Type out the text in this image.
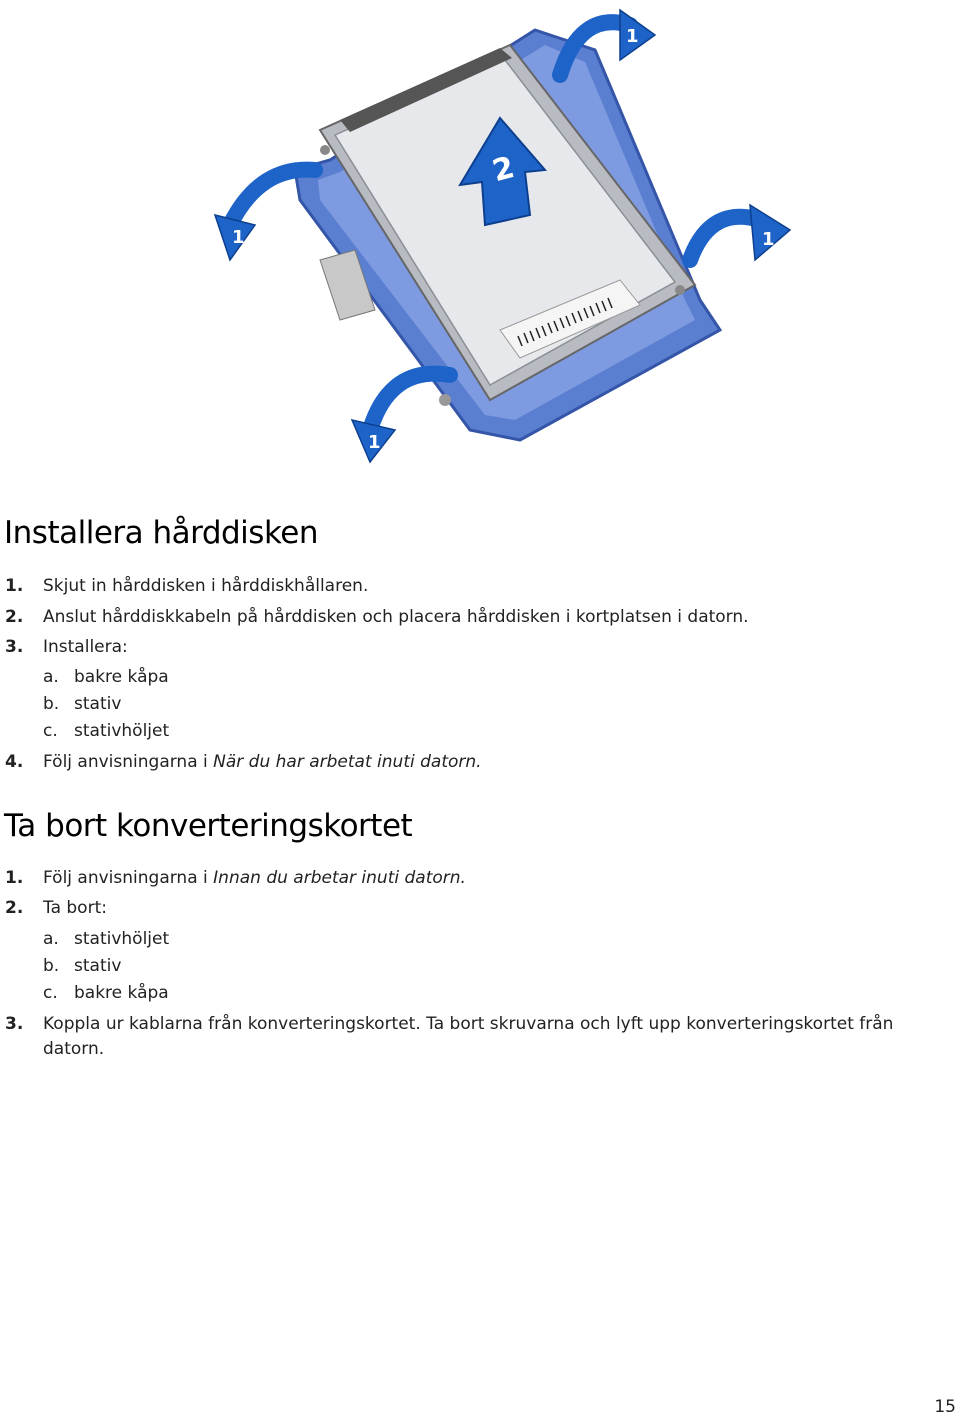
2
1
1	1
1
Installera hårddisken
1. Skjut in hårddisken i hårddiskhållaren.
2. Anslut hårddiskkabeln på hårddisken och placera hårddisken i kortplatsen i datorn.
3. Installera:
a. bakre kåpa
b. stativ
c. stativhöljet
4. Följ anvisningarna i När du har arbetat inuti datorn.
Ta bort konverteringskortet
1. Följ anvisningarna i Innan du arbetar inuti datorn.
2. Ta bort:
a. stativhöljet
b. stativ
c. bakre kåpa
3. Koppla ur kablarna från konverteringskortet. Ta bort skruvarna och lyft upp konverteringskortet från
datorn.
15
